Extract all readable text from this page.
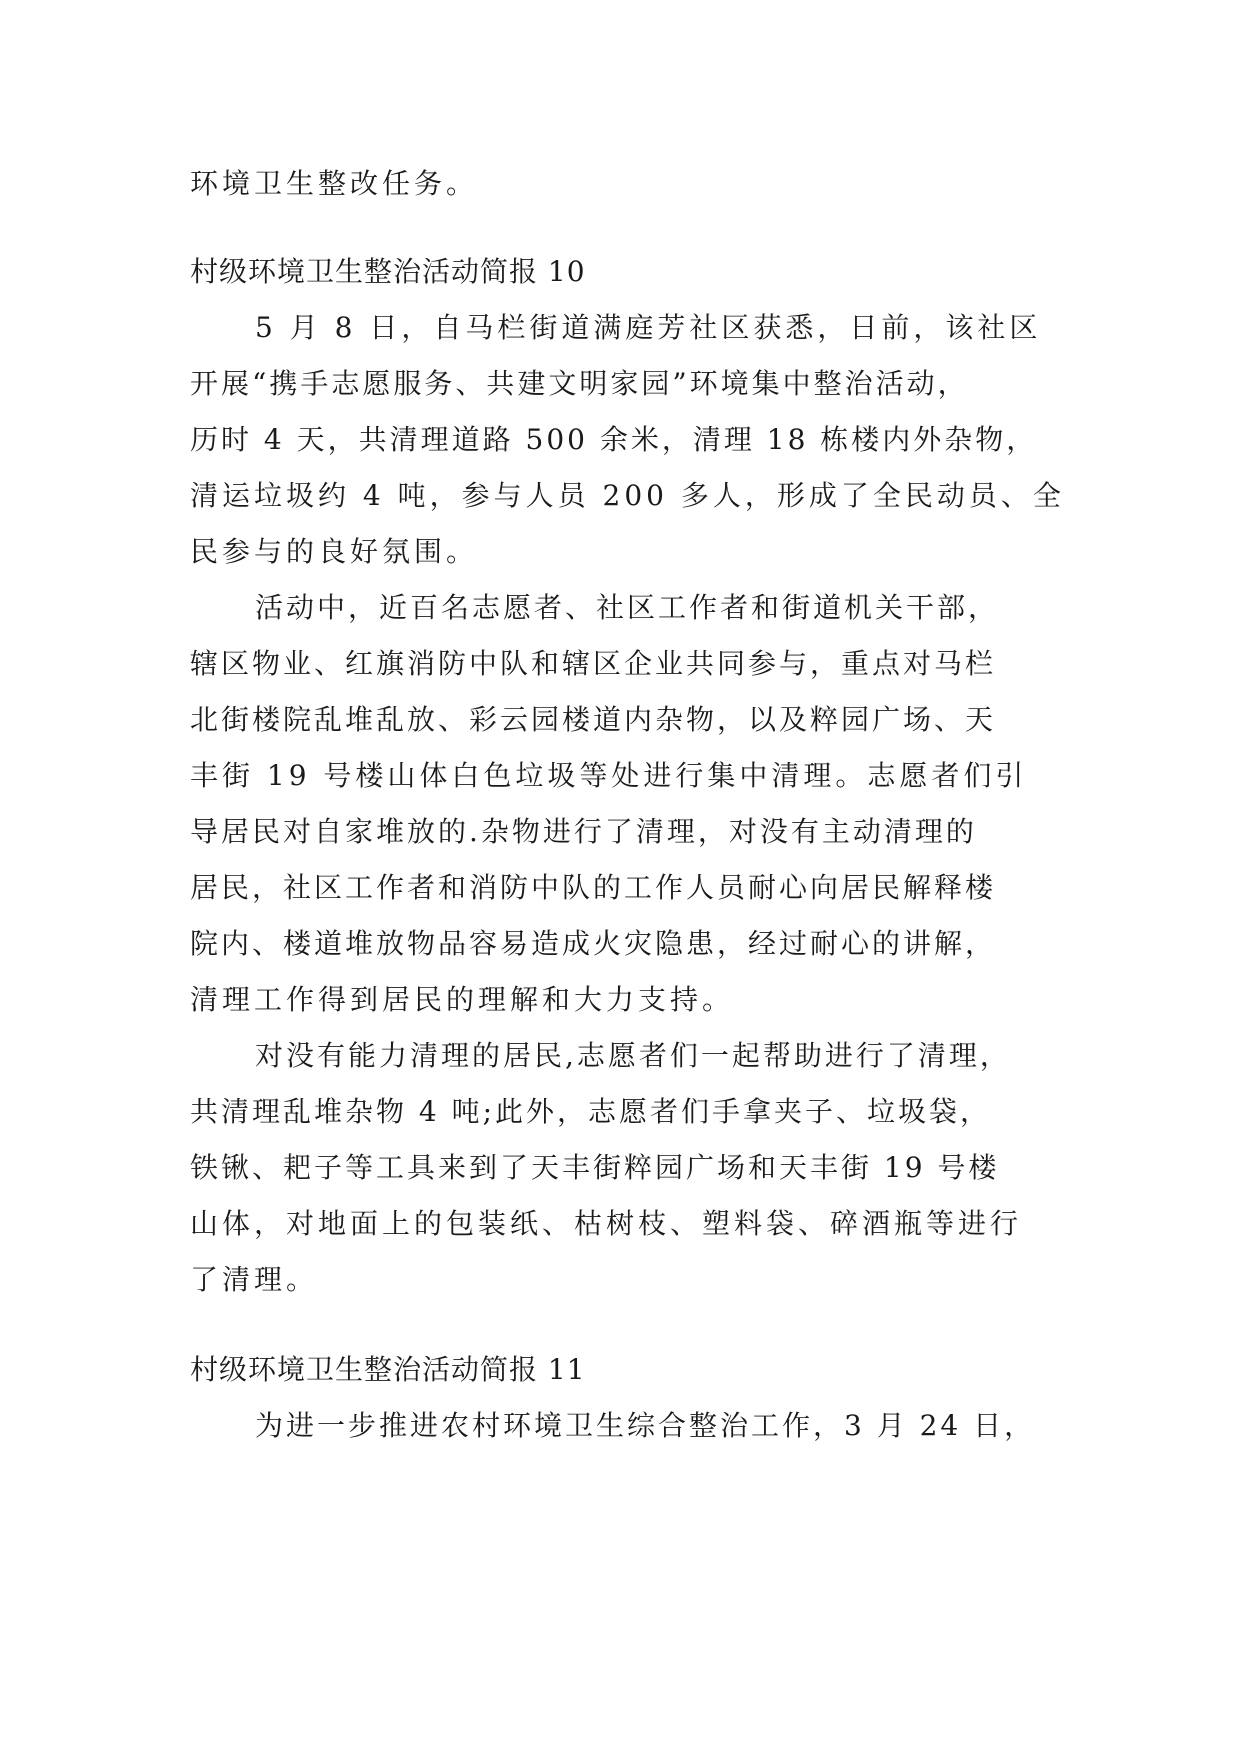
环境卫生整改任务。

村级环境卫生整治活动简报 10

5 月 8 日，自马栏街道满庭芳社区获悉，日前，该社区

开展“携手志愿服务、共建文明家园”环境集中整治活动，

历时 4 天，共清理道路 500 余米，清理 18 栋楼内外杂物，

清运垃圾约 4 吨，参与人员 200 多人，形成了全民动员、全

民参与的良好氛围。

活动中，近百名志愿者、社区工作者和街道机关干部，

辖区物业、红旗消防中队和辖区企业共同参与，重点对马栏

北街楼院乱堆乱放、彩云园楼道内杂物，以及粹园广场、天

丰街 19 号楼山体白色垃圾等处进行集中清理。志愿者们引

导居民对自家堆放的.杂物进行了清理，对没有主动清理的

居民，社区工作者和消防中队的工作人员耐心向居民解释楼

院内、楼道堆放物品容易造成火灾隐患，经过耐心的讲解，

清理工作得到居民的理解和大力支持。

对没有能力清理的居民,志愿者们一起帮助进行了清理，

共清理乱堆杂物 4 吨;此外，志愿者们手拿夹子、垃圾袋，

铁锹、耙子等工具来到了天丰街粹园广场和天丰街 19 号楼

山体，对地面上的包装纸、枯树枝、塑料袋、碎酒瓶等进行

了清理。

村级环境卫生整治活动简报 11

为进一步推进农村环境卫生综合整治工作，3 月 24 日，
